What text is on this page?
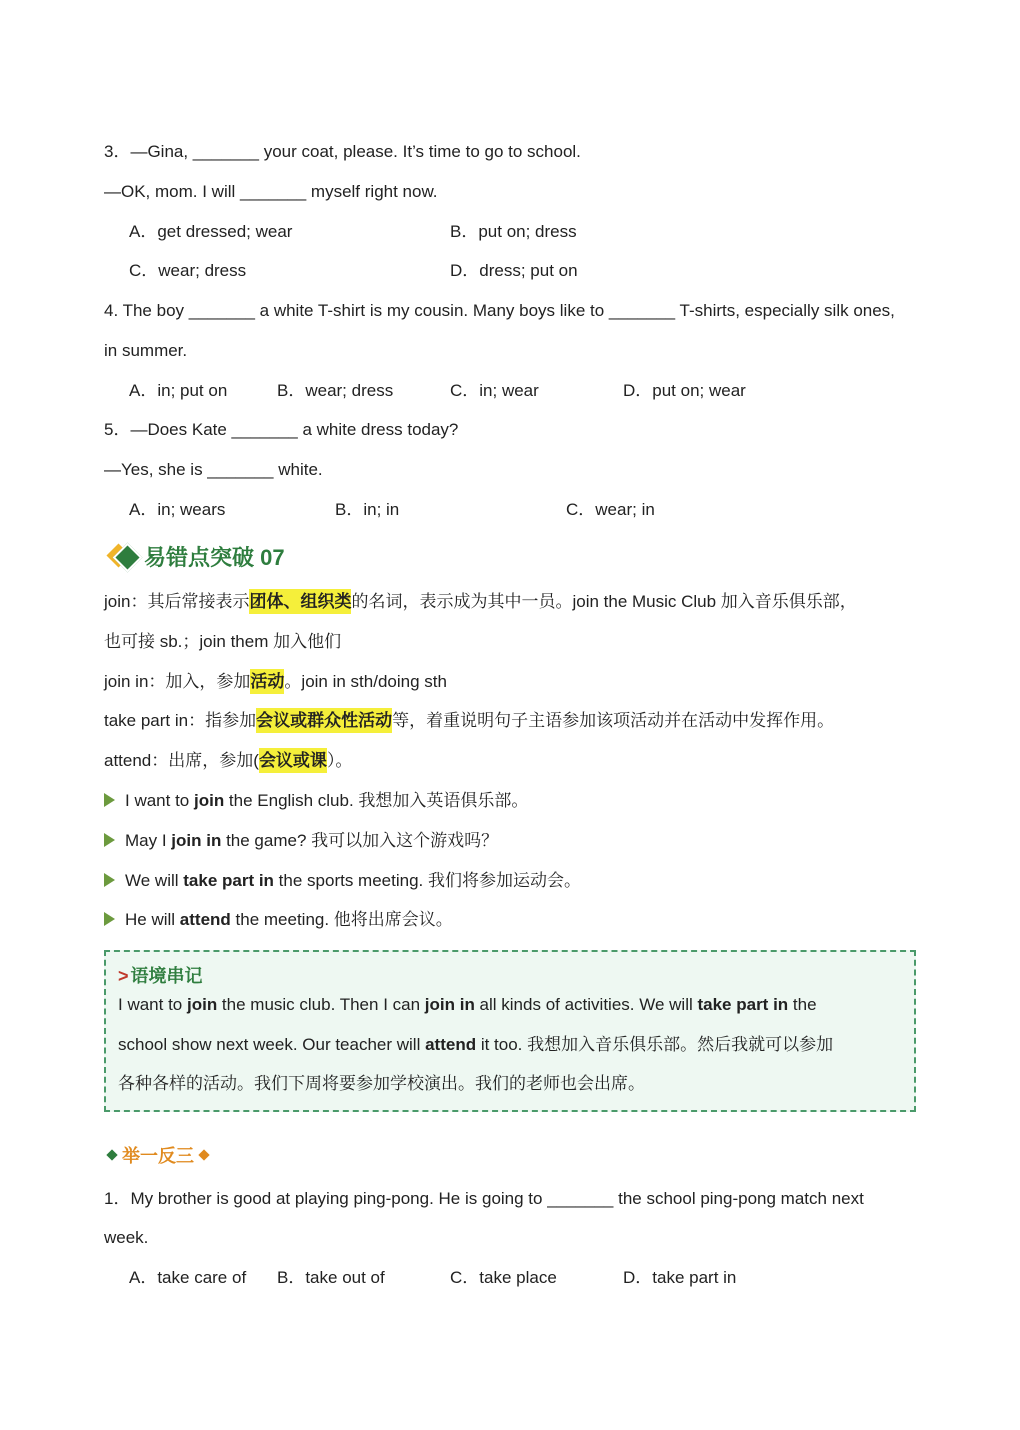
3．—Gina, _______ your coat, please. It’s time to go to school.
—OK, mom. I will _______ myself right now.
A．get dressed; wear	B．put on; dress
C．wear; dress	D．dress; put on
4. The boy _______ a white T-shirt is my cousin. Many boys like to _______ T-shirts, especially silk ones,
in summer.
A．in; put on	B．wear; dress	C．in; wear	D．put on; wear
5．—Does Kate _______ a white dress today?
—Yes, she is _______ white.
A．in; wears	B．in; in	C．wear; in
易错点突破 07
join：其后常接表示团体、组织类的名词，表示成为其中一员。join the Music Club 加入音乐俱乐部，
也可接 sb.；join them 加入他们
join in：加入，参加活动。join in sth/doing sth
take part in：指参加会议或群众性活动等，着重说明句子主语参加该项活动并在活动中发挥作用。
attend：出席，参加(会议或课）。
I want to join the English club. 我想加入英语俱乐部。
May I join in the game? 我可以加入这个游戏吗？
We will take part in the sports meeting. 我们将参加运动会。
He will attend the meeting. 他将出席会议。
> 语境串记
I want to join the music club. Then I can join in all kinds of activities. We will take part in the
school show next week. Our teacher will attend it too. 我想加入音乐俱乐部。然后我就可以参加
各种各样的活动。我们下周将要参加学校演出。我们的老师也会出席。
举一反三
1．My brother is good at playing ping-pong. He is going to _______ the school ping-pong match next
week.
A．take care of B．take out of	C．take place	D．take part in
